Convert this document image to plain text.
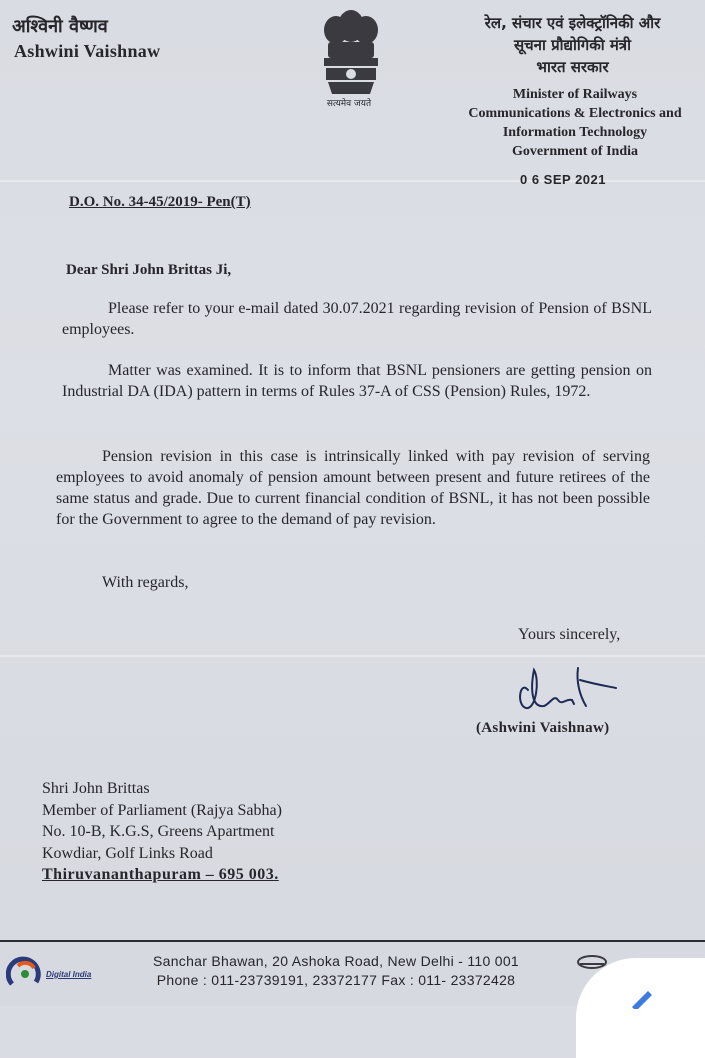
अश्विनी वैष्णव
Ashwini Vaishnaw
सत्यमेव जयते
रेल, संचार एवं इलेक्ट्रॉनिकी और
सूचना प्रौद्योगिकी मंत्री
भारत सरकार
Minister of Railways
Communications & Electronics and
Information Technology
Government of India
0 6 SEP 2021
D.O. No. 34-45/2019- Pen(T)
Dear Shri John Brittas Ji,

Please refer to your e-mail dated 30.07.2021 regarding revision of Pension of BSNL employees.

Matter was examined. It is to inform that BSNL pensioners are getting pension on Industrial DA (IDA) pattern in terms of Rules 37-A of CSS (Pension) Rules, 1972.

Pension revision in this case is intrinsically linked with pay revision of serving employees to avoid anomaly of pension amount between present and future retirees of the same status and grade. Due to current financial condition of BSNL, it has not been possible for the Government to agree to the demand of pay revision.

With regards,
Yours sincerely,
(Ashwini Vaishnaw)
Shri John Brittas
Member of Parliament (Rajya Sabha)
No. 10-B, K.G.S, Greens Apartment
Kowdiar, Golf Links Road
Thiruvananthapuram – 695 003.
Digital India
Sanchar Bhawan, 20 Ashoka Road, New Delhi - 110 001
Phone : 011-23739191, 23372177 Fax : 011- 23372428
